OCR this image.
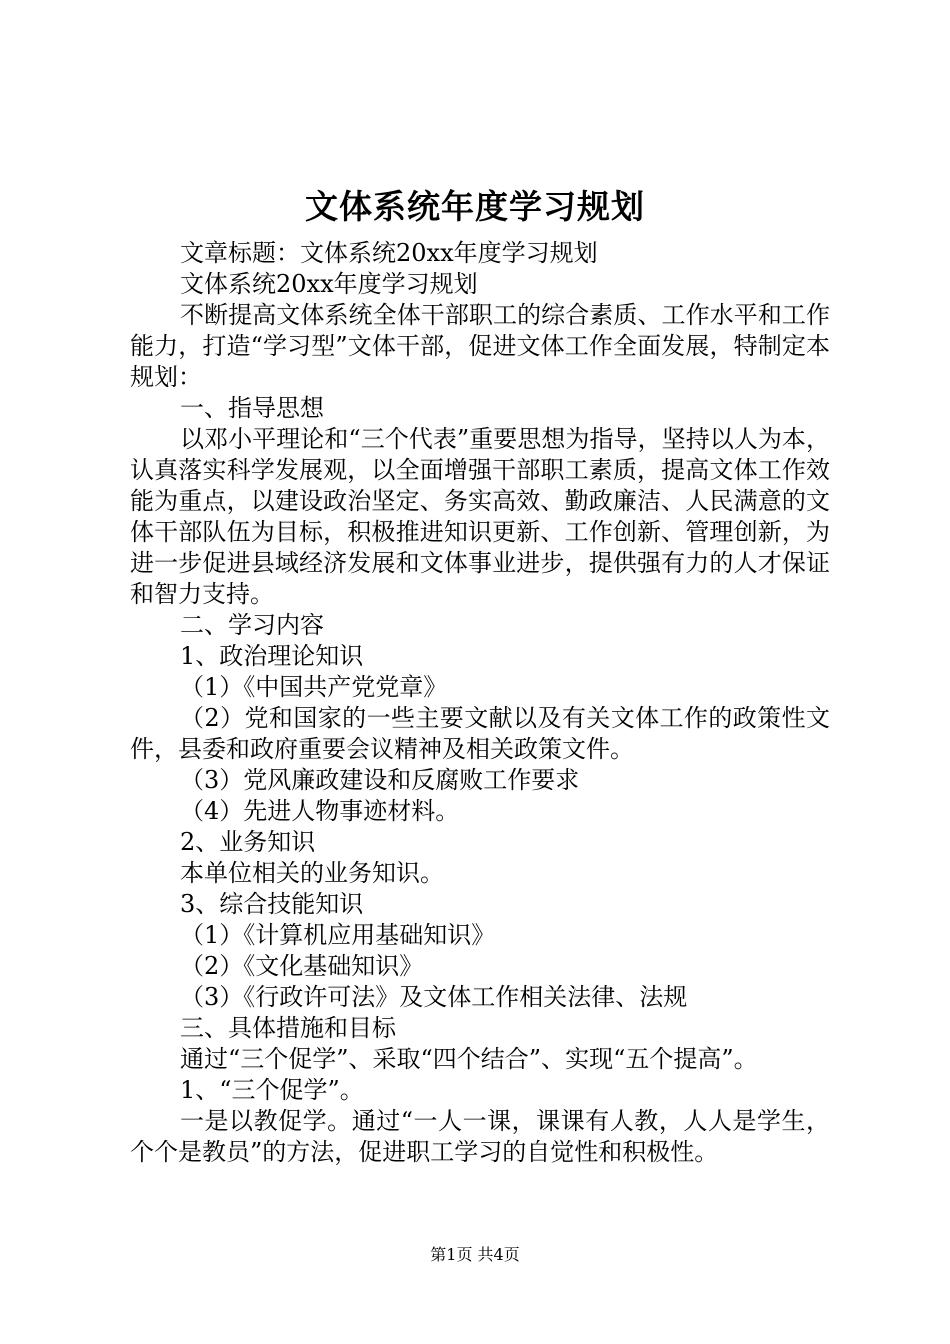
文体系统年度学习规划

文章标题：文体系统20xx年度学习规划

文体系统20xx年度学习规划

不断提高文体系统全体干部职工的综合素质、工作水平和工作能力，打造“学习型”文体干部，促进文体工作全面发展，特制定本规划：

一、指导思想

以邓小平理论和“三个代表”重要思想为指导，坚持以人为本，认真落实科学发展观，以全面增强干部职工素质，提高文体工作效能为重点，以建设政治坚定、务实高效、勤政廉洁、人民满意的文体干部队伍为目标，积极推进知识更新、工作创新、管理创新，为进一步促进县域经济发展和文体事业进步，提供强有力的人才保证和智力支持。

二、学习内容

1、政治理论知识

（1）《中国共产党党章》

（2）党和国家的一些主要文献以及有关文体工作的政策性文件，县委和政府重要会议精神及相关政策文件。

（3）党风廉政建设和反腐败工作要求

（4）先进人物事迹材料。

2、业务知识

本单位相关的业务知识。

3、综合技能知识

（1）《计算机应用基础知识》

（2）《文化基础知识》

（3）《行政许可法》及文体工作相关法律、法规

三、具体措施和目标

通过“三个促学”、采取“四个结合”、实现“五个提高”。

1、“三个促学”。

一是以教促学。通过“一人一课，课课有人教，人人是学生，个个是教员”的方法，促进职工学习的自觉性和积极性。

第1页 共4页
